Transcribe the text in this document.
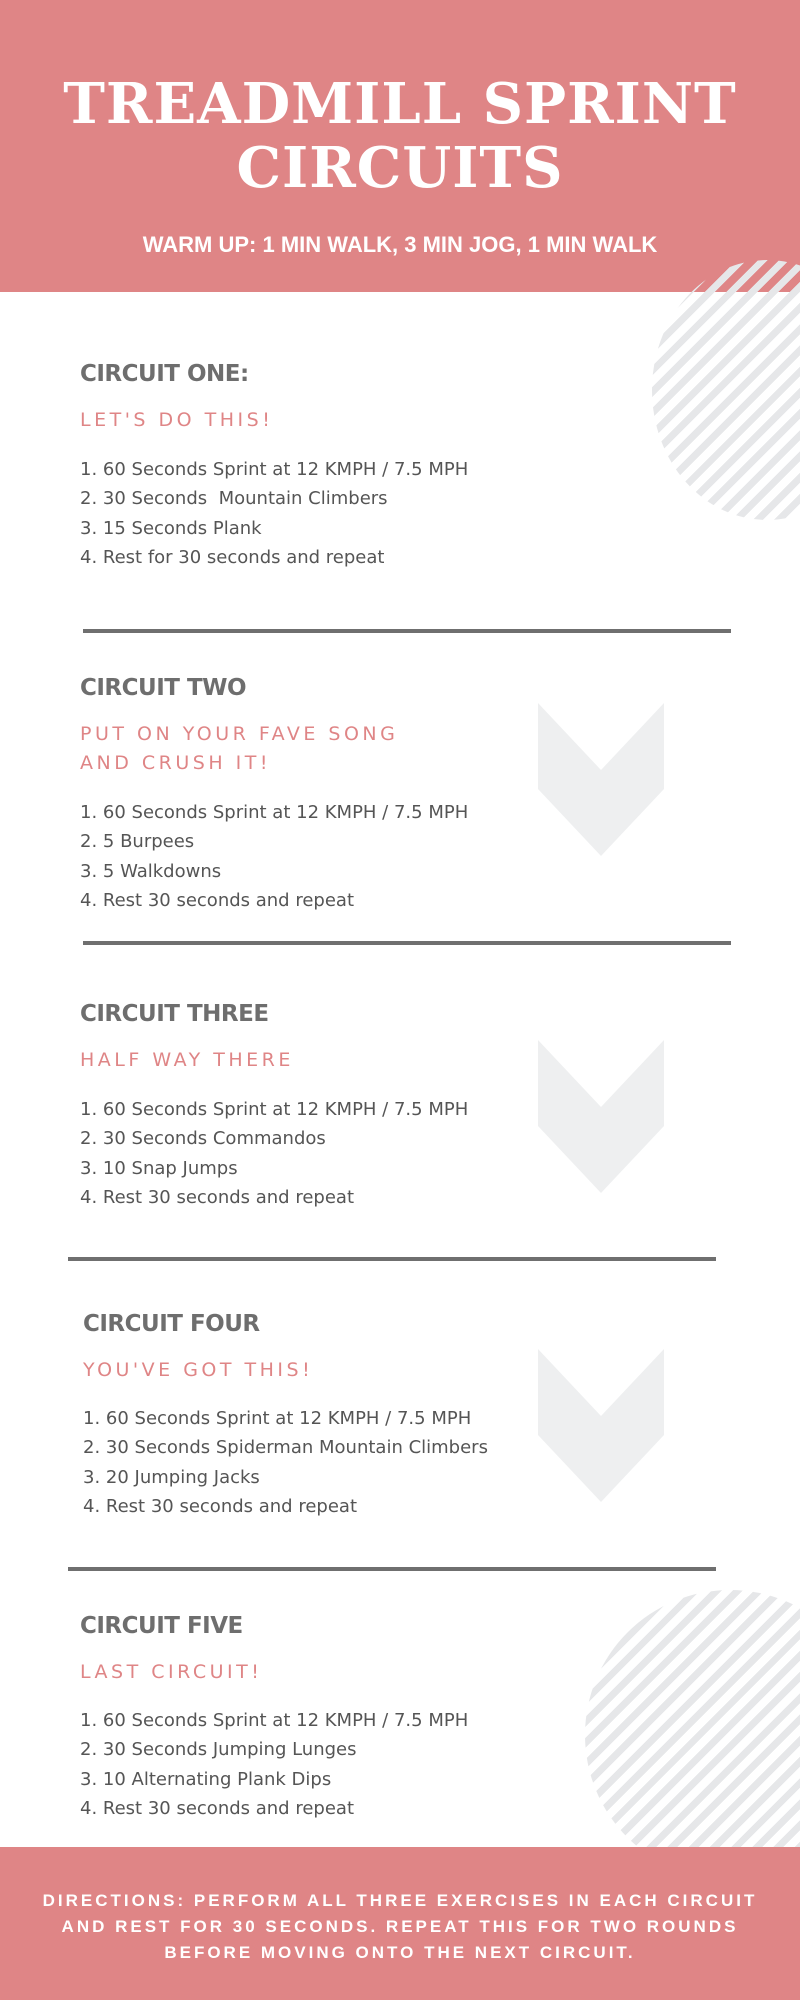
TREADMILL SPRINT
CIRCUITS
WARM UP: 1 MIN WALK, 3 MIN JOG, 1 MIN WALK
CIRCUIT ONE:
LET'S DO THIS!
1. 60 Seconds Sprint at 12 KMPH / 7.5 MPH
2. 30 Seconds  Mountain Climbers
3. 15 Seconds Plank
4. Rest for 30 seconds and repeat
CIRCUIT TWO
PUT ON YOUR FAVE SONG
AND CRUSH IT!
1. 60 Seconds Sprint at 12 KMPH / 7.5 MPH
2. 5 Burpees
3. 5 Walkdowns
4. Rest 30 seconds and repeat
CIRCUIT THREE
HALF WAY THERE
1. 60 Seconds Sprint at 12 KMPH / 7.5 MPH
2. 30 Seconds Commandos
3. 10 Snap Jumps
4. Rest 30 seconds and repeat
CIRCUIT FOUR
YOU'VE GOT THIS!
1. 60 Seconds Sprint at 12 KMPH / 7.5 MPH
2. 30 Seconds Spiderman Mountain Climbers
3. 20 Jumping Jacks
4. Rest 30 seconds and repeat
CIRCUIT FIVE
LAST CIRCUIT!
1. 60 Seconds Sprint at 12 KMPH / 7.5 MPH
2. 30 Seconds Jumping Lunges
3. 10 Alternating Plank Dips
4. Rest 30 seconds and repeat
DIRECTIONS: PERFORM ALL THREE EXERCISES IN EACH CIRCUIT
AND REST FOR 30 SECONDS. REPEAT THIS FOR TWO ROUNDS
BEFORE MOVING ONTO THE NEXT CIRCUIT.
